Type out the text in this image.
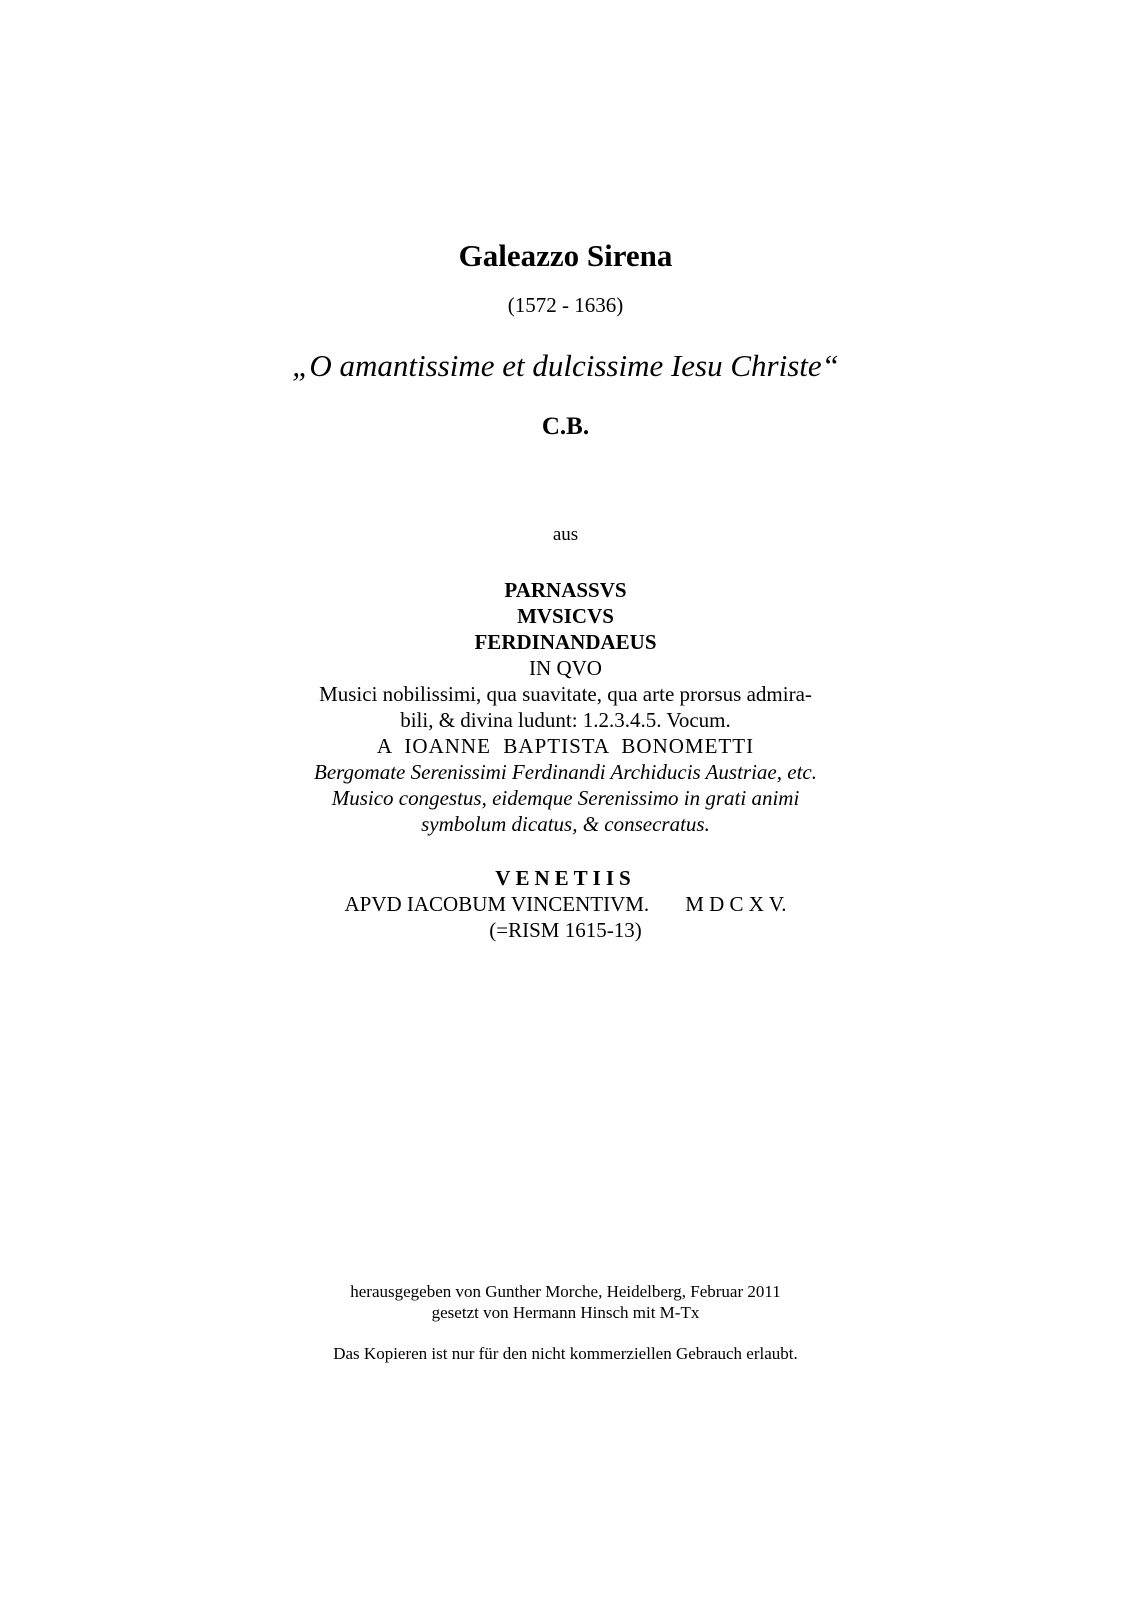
Galeazzo Sirena
(1572 - 1636)
„O amantissime et dulcissime Iesu Christe“
C.B.
aus
PARNASSVS
MVSICVS
FERDINANDAEUS
IN QVO
Musici nobilissimi, qua suavitate, qua arte prorsus admira-
bili, & divina ludunt: 1.2.3.4.5. Vocum.
A  IOANNE  BAPTISTA  BONOMETTI
Bergomate Serenissimi Ferdinandi Archiducis Austriae, etc.
Musico congestus, eidemque Serenissimo in grati animi
symbolum dicatus, & consecratus.
VENETIIS
APVD IACOBUM VINCENTIVM. M D C X V.
(=RISM 1615-13)
herausgegeben von Gunther Morche, Heidelberg, Februar 2011
gesetzt von Hermann Hinsch mit M-Tx
Das Kopieren ist nur für den nicht kommerziellen Gebrauch erlaubt.
